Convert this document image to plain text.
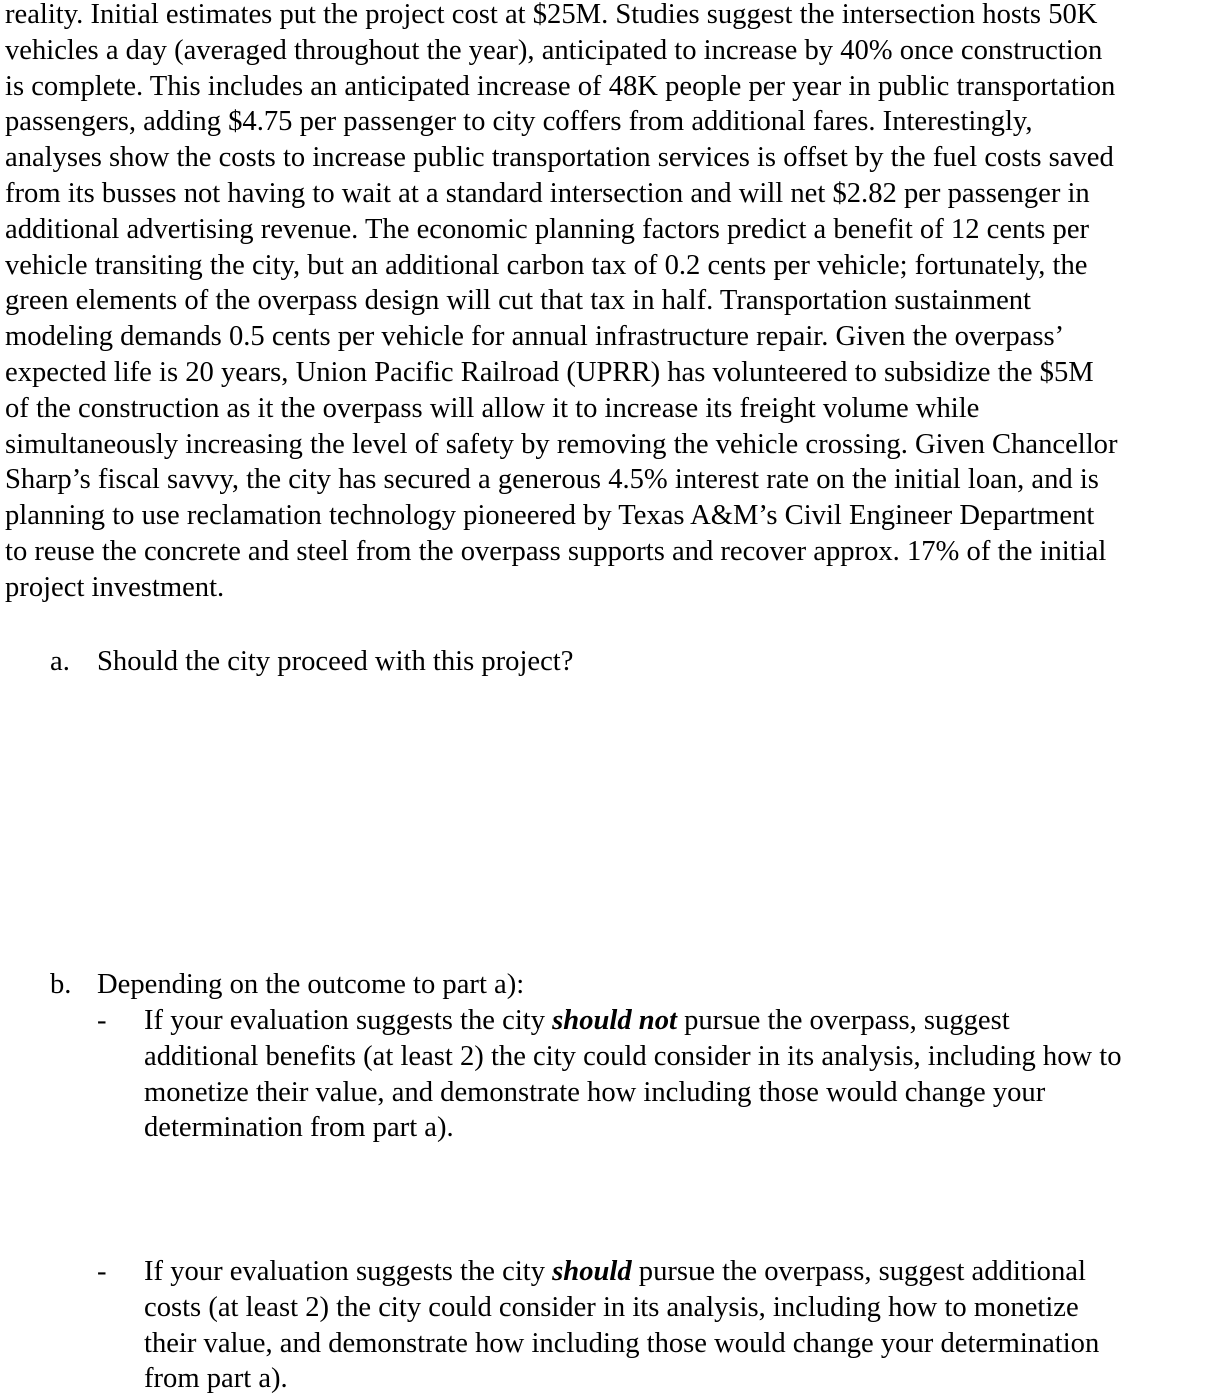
reality. Initial estimates put the project cost at $25M. Studies suggest the intersection hosts 50K
vehicles a day (averaged throughout the year), anticipated to increase by 40% once construction
is complete. This includes an anticipated increase of 48K people per year in public transportation
passengers, adding $4.75 per passenger to city coffers from additional fares. Interestingly,
analyses show the costs to increase public transportation services is offset by the fuel costs saved
from its busses not having to wait at a standard intersection and will net $2.82 per passenger in
additional advertising revenue. The economic planning factors predict a benefit of 12 cents per
vehicle transiting the city, but an additional carbon tax of 0.2 cents per vehicle; fortunately, the
green elements of the overpass design will cut that tax in half. Transportation sustainment
modeling demands 0.5 cents per vehicle for annual infrastructure repair. Given the overpass’
expected life is 20 years, Union Pacific Railroad (UPRR) has volunteered to subsidize the $5M
of the construction as it the overpass will allow it to increase its freight volume while
simultaneously increasing the level of safety by removing the vehicle crossing. Given Chancellor
Sharp’s fiscal savvy, the city has secured a generous 4.5% interest rate on the initial loan, and is
planning to use reclamation technology pioneered by Texas A&M’s Civil Engineer Department
to reuse the concrete and steel from the overpass supports and recover approx. 17% of the initial
project investment.

a. Should the city proceed with this project?
b. Depending on the outcome to part a):
- If your evaluation suggests the city should not pursue the overpass, suggest
additional benefits (at least 2) the city could consider in its analysis, including how to
monetize their value, and demonstrate how including those would change your
determination from part a).
- If your evaluation suggests the city should pursue the overpass, suggest additional
costs (at least 2) the city could consider in its analysis, including how to monetize
their value, and demonstrate how including those would change your determination
from part a).
